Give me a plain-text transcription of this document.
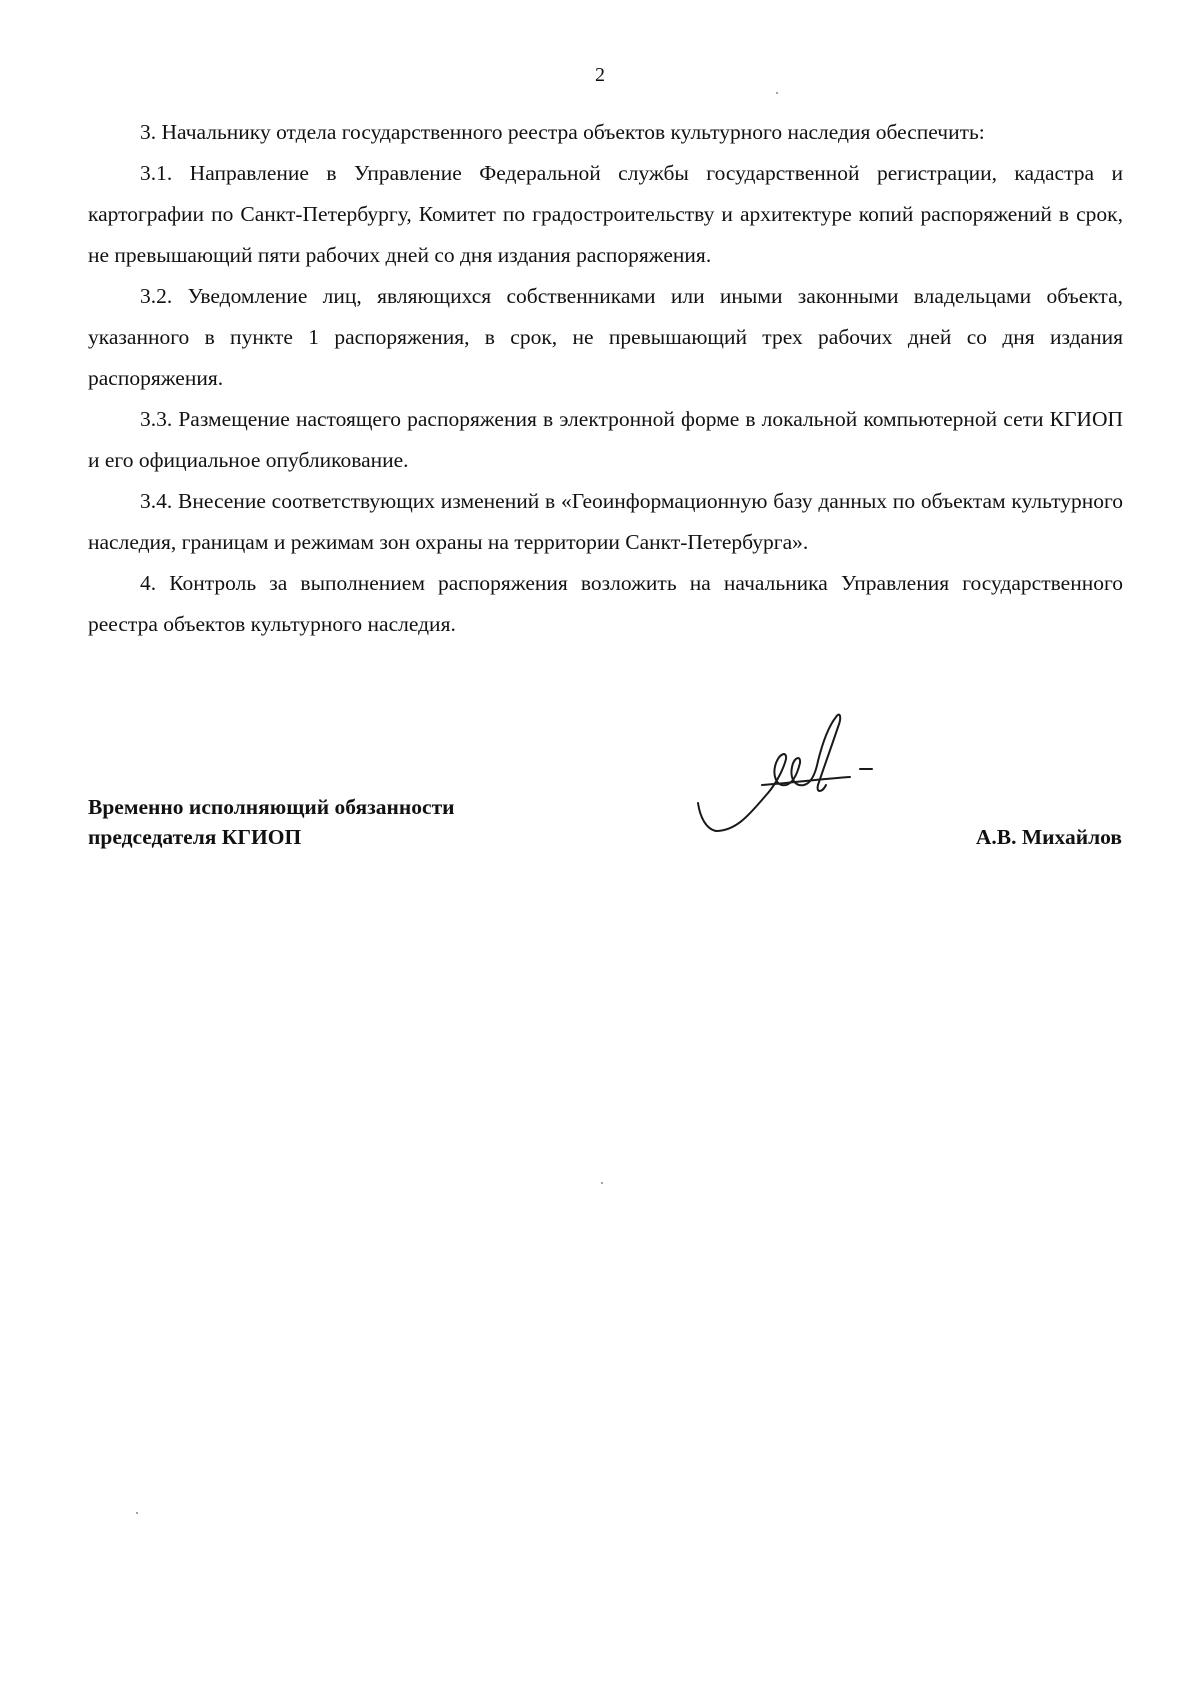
2

3. Начальнику отдела государственного реестра объектов культурного наследия обеспечить:

3.1. Направление в Управление Федеральной службы государственной регистрации, кадастра и картографии по Санкт-Петербургу, Комитет по градостроительству и архитектурe копий распоряжений в срок, не превышающий пяти рабочих дней со дня издания распоряжения.

3.2. Уведомление лиц, являющихся собственниками или иными законными владельцами объекта, указанного в пункте 1 распоряжения, в срок, не превышающий трех рабочих дней со дня издания распоряжения.

3.3. Размещение настоящего распоряжения в электронной форме в локальной компьютерной сети КГИОП и его официальное опубликование.

3.4. Внесение соответствующих изменений в «Геоинформационную базу данных по объектам культурного наследия, границам и режимам зон охраны на территории Санкт-Петербурга».

4. Контроль за выполнением распоряжения возложить на начальника Управления государственного реестра объектов культурного наследия.

Временно исполняющий обязанности
председателя КГИОП	А.В. Михайлов
